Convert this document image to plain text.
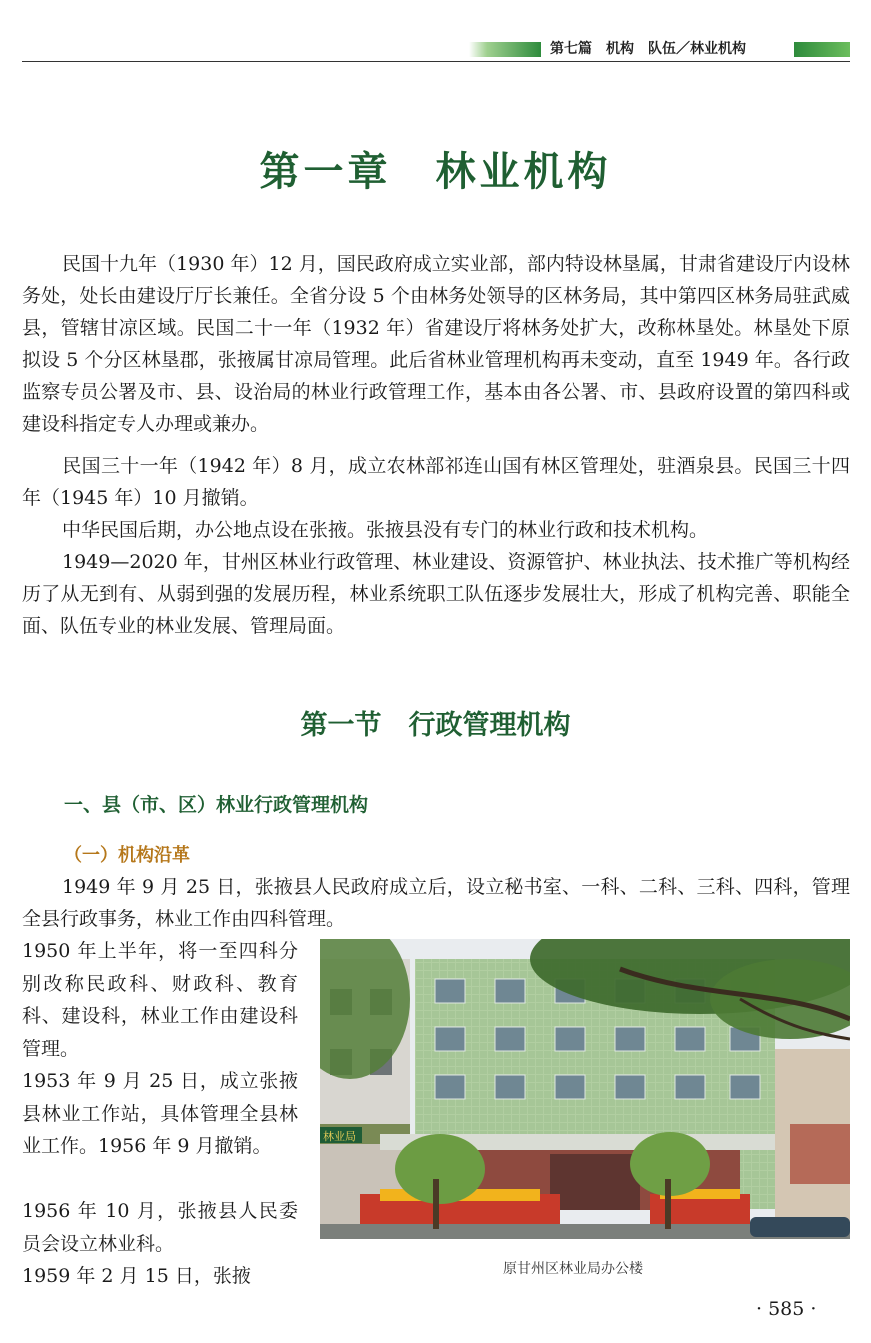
第七篇　机构　队伍／林业机构
第一章　林业机构

民国十九年（1930 年）12 月，国民政府成立实业部，部内特设林垦属，甘肃省建设厅内设林务处，处长由建设厅厅长兼任。全省分设 5 个由林务处领导的区林务局，其中第四区林务局驻武威县，管辖甘凉区域。民国二十一年（1932 年）省建设厅将林务处扩大，改称林垦处。林垦处下原拟设 5 个分区林垦郡，张掖属甘凉局管理。此后省林业管理机构再未变动，直至 1949 年。各行政监察专员公署及市、县、设治局的林业行政管理工作，基本由各公署、市、县政府设置的第四科或建设科指定专人办理或兼办。

民国三十一年（1942 年）8 月，成立农林部祁连山国有林区管理处，驻酒泉县。民国三十四年（1945 年）10 月撤销。

中华民国后期，办公地点设在张掖。张掖县没有专门的林业行政和技术机构。

1949—2020 年，甘州区林业行政管理、林业建设、资源管护、林业执法、技术推广等机构经历了从无到有、从弱到强的发展历程，林业系统职工队伍逐步发展壮大，形成了机构完善、职能全面、队伍专业的林业发展、管理局面。

第一节　行政管理机构
一、县（市、区）林业行政管理机构
（一）机构沿革

1949 年 9 月 25 日，张掖县人民政府成立后，设立秘书室、一科、二科、三科、四科，管理全县行政事务，林业工作由四科管理。

1950 年上半年，将一至四科分别改称民政科、财政科、教育科、建设科，林业工作由建设科管理。

1953 年 9 月 25 日，成立张掖县林业工作站，具体管理全县林业工作。1956 年 9 月撤销。

1956 年 10 月，张掖县人民委员会设立林业科。

1959 年 2 月 15 日，张掖

林业局
原甘州区林业局办公楼
· 585 ·
